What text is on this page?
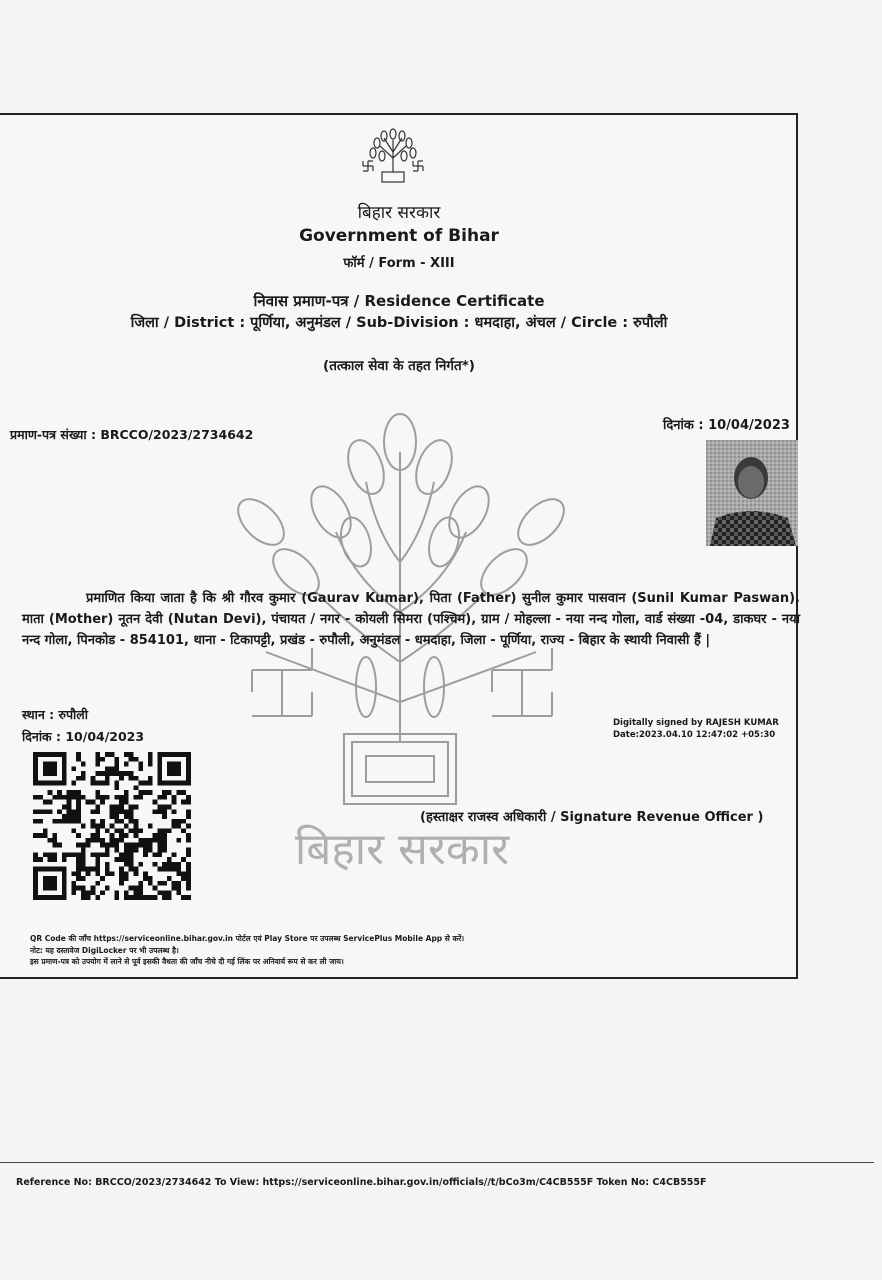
बिहार सरकार
Government of Bihar
फॉर्म / Form - XIII
निवास प्रमाण-पत्र / Residence Certificate
जिला / District : पूर्णिया, अनुमंडल / Sub-Division : धमदाहा, अंचल / Circle : रुपौली
(तत्काल सेवा के तहत निर्गत*)
प्रमाण-पत्र संख्या : BRCCO/2023/2734642
दिनांक : 10/04/2023
बिहार सरकार
प्रमाणित किया जाता है कि श्री गौरव कुमार (Gaurav Kumar), पिता (Father) सुनील कुमार पासवान (Sunil Kumar Paswan), माता (Mother) नूतन देवी (Nutan Devi), पंचायत / नगर - कोयली सिमरा (पश्चिम), ग्राम / मोहल्ला - नया नन्द गोला, वार्ड संख्या -04, डाकघर - नया नन्द गोला, पिनकोड - 854101, थाना - टिकापट्टी, प्रखंड - रुपौली, अनुमंडल - धमदाहा, जिला - पूर्णिया, राज्य - बिहार के स्थायी निवासी हैं |
स्थान : रुपौली
दिनांक : 10/04/2023
Digitally signed by RAJESH KUMAR
Date:2023.04.10 12:47:02 +05:30
(हस्ताक्षर राजस्व अधिकारी / Signature Revenue Officer )
QR Code की जाँच https://serviceonline.bihar.gov.in पोर्टल एवं Play Store पर उपलब्ध ServicePlus Mobile App से करें।
नोट: यह दस्तावेज DigiLocker पर भी उपलब्ध है।
इस प्रमाण-पत्र को उपयोग में लाने से पूर्व इसकी वैधता की जाँच नीचे दी गई लिंक पर अनिवार्य रूप से कर ली जाय।
Reference No: BRCCO/2023/2734642 To View: https://serviceonline.bihar.gov.in/officials//t/bCo3m/C4CB555F Token No: C4CB555F
